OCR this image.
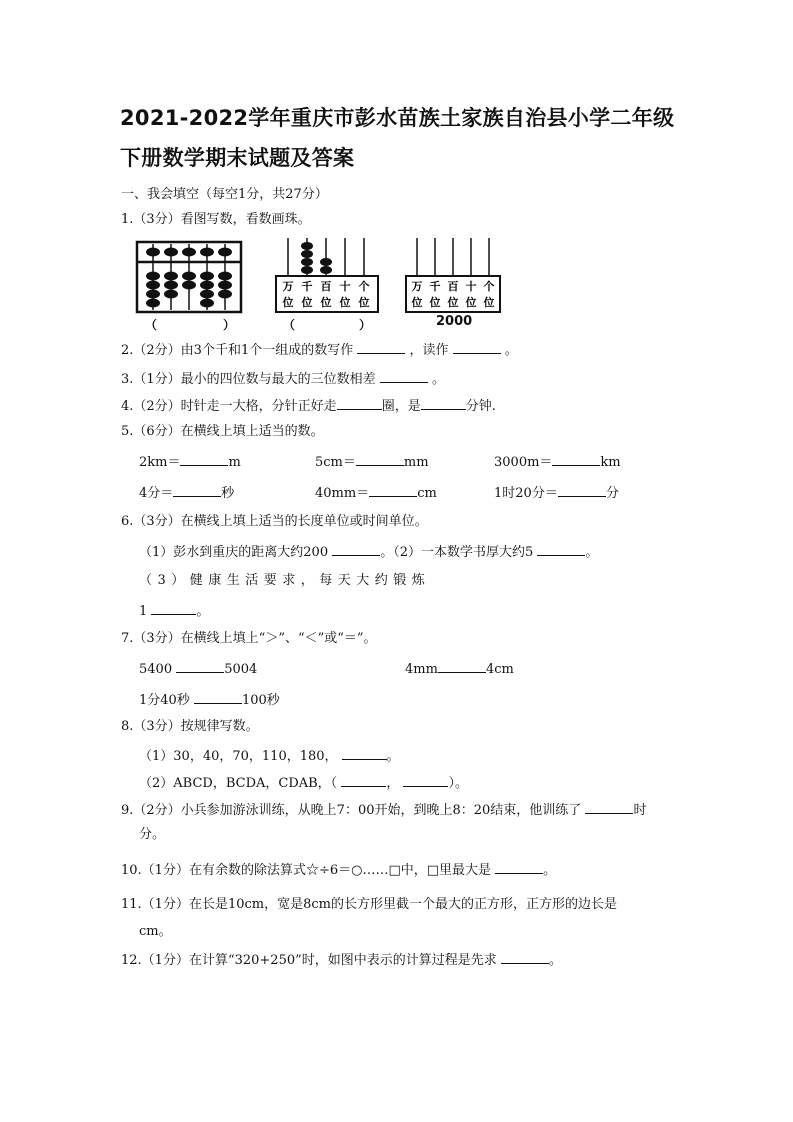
2021-2022学年重庆市彭水苗族土家族自治县小学二年级下册数学期末试题及答案
一、我会填空（每空1分，共27分）
1.（3分）看图写数，看数画珠。
万
位
千
位
百
位
十
位
个
位
万
位
千
位
百
位
十
位
个
位
（	）	（	）	2000
2.（2分）由3个千和1个一组成的数写作	，读作	。
3.（1分）最小的四位数与最大的三位数相差	。
4.（2分）时针走一大格，分针正好走	圈，是	分钟.
5.（6分）在横线上填上适当的数。
2km＝	m	5cm＝	mm	3000m＝	km
4分＝	秒	40mm＝	cm	1时20分＝	分
6.（3分）在横线上填上适当的长度单位或时间单位。
（1）彭水到重庆的距离大约200	。（2）一本数学书厚大约5	。
（3）健康生活要求，每天大约锻炼
1	。
7.（3分）在横线上填上“＞”、“＜”或“＝”。
5400	5004	4mm	4cm
1分40秒	100秒
8.（3分）按规律写数。
（1）30，40，70，110，180，	。
（2）ABCD，BCDA，CDAB，（	，	）。
9.（2分）小兵参加游泳训练，从晚上7：00开始，到晚上8：20结束，他训练了	时
分。
10.（1分）在有余数的除法算式☆÷6＝○……□中，□里最大是	。
11.（1分）在长是10cm，宽是8cm的长方形里截一个最大的正方形，正方形的边长是
cm。
12.（1分）在计算“320+250”时，如图中表示的计算过程是先求	。
